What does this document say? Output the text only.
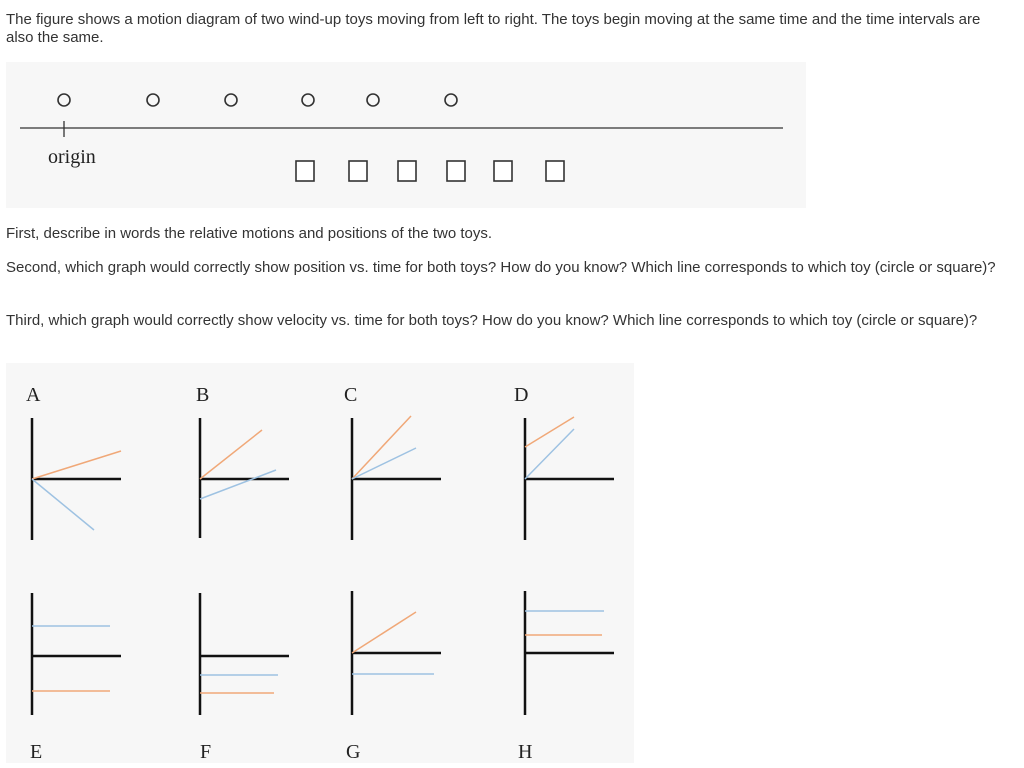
The figure shows a motion diagram of two wind-up toys moving from left to right. The toys begin moving at the same time and the time intervals are also the same.

origin

First, describe in words the relative motions and positions of the two toys.

Second, which graph would correctly show position vs. time for both toys? How do you know? Which line corresponds to which toy (circle or square)?

Third, which graph would correctly show velocity vs. time for both toys? How do you know? Which line corresponds to which toy (circle or square)?

A	B	C	D
E	F	G	H
